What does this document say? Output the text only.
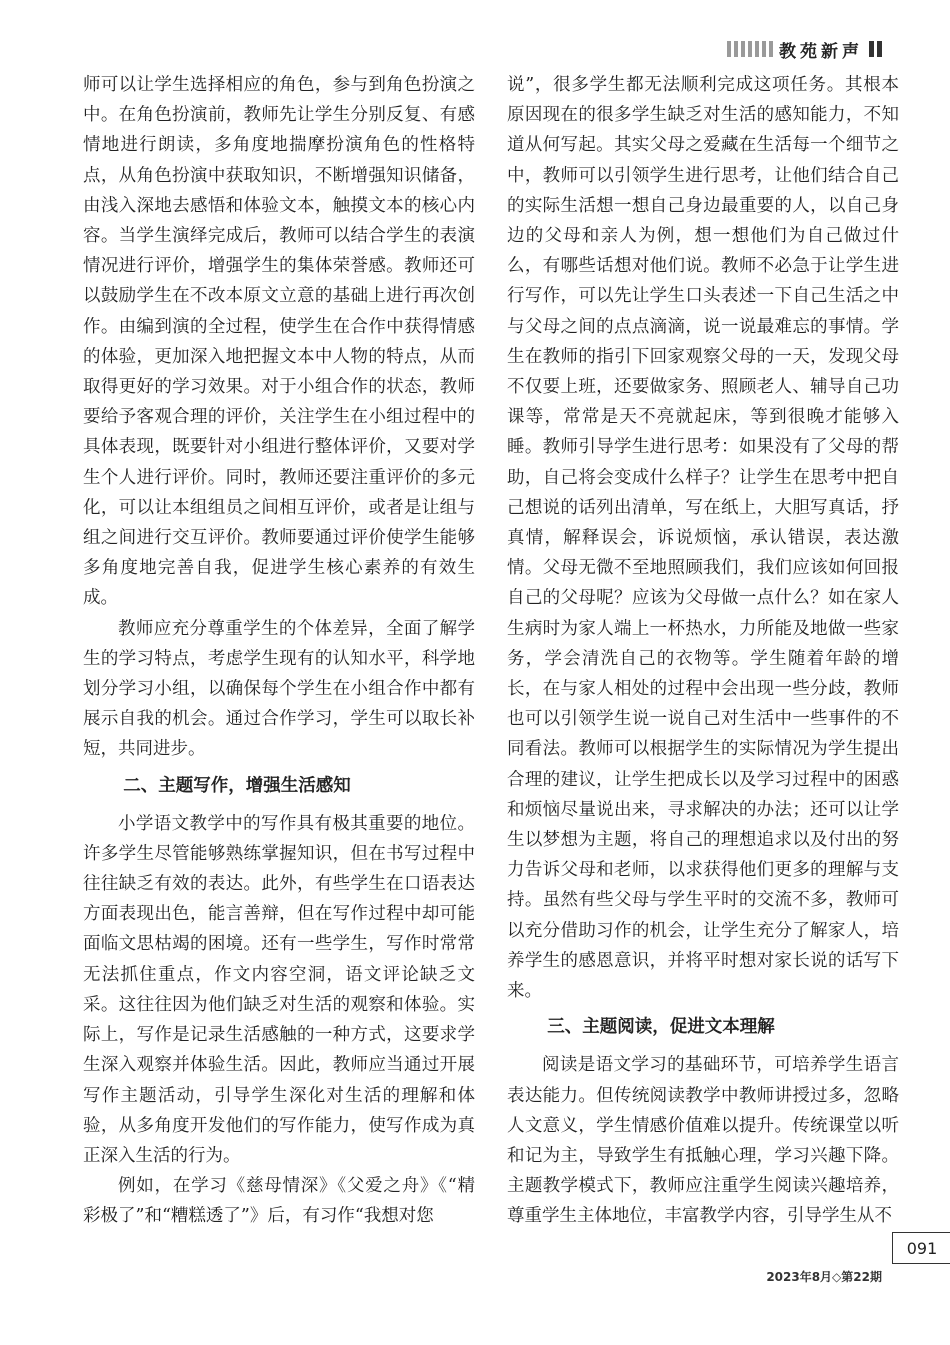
教苑新声

师可以让学生选择相应的角色，参与到角色扮演之中。在角色扮演前，教师先让学生分别反复、有感情地进行朗读，多角度地揣摩扮演角色的性格特点，从角色扮演中获取知识，不断增强知识储备，由浅入深地去感悟和体验文本，触摸文本的核心内容。当学生演绎完成后，教师可以结合学生的表演情况进行评价，增强学生的集体荣誉感。教师还可以鼓励学生在不改本原文立意的基础上进行再次创作。由编到演的全过程，使学生在合作中获得情感的体验，更加深入地把握文本中人物的特点，从而取得更好的学习效果。对于小组合作的状态，教师要给予客观合理的评价，关注学生在小组过程中的具体表现，既要针对小组进行整体评价，又要对学生个人进行评价。同时，教师还要注重评价的多元化，可以让本组组员之间相互评价，或者是让组与组之间进行交互评价。教师要通过评价使学生能够多角度地完善自我，促进学生核心素养的有效生成。

教师应充分尊重学生的个体差异，全面了解学生的学习特点，考虑学生现有的认知水平，科学地划分学习小组，以确保每个学生在小组合作中都有展示自我的机会。通过合作学习，学生可以取长补短，共同进步。

二、主题写作，增强生活感知

小学语文教学中的写作具有极其重要的地位。许多学生尽管能够熟练掌握知识，但在书写过程中往往缺乏有效的表达。此外，有些学生在口语表达方面表现出色，能言善辩，但在写作过程中却可能面临文思枯竭的困境。还有一些学生，写作时常常无法抓住重点，作文内容空洞，语文评论缺乏文采。这往往因为他们缺乏对生活的观察和体验。实际上，写作是记录生活感触的一种方式，这要求学生深入观察并体验生活。因此，教师应当通过开展写作主题活动，引导学生深化对生活的理解和体验，从多角度开发他们的写作能力，使写作成为真正深入生活的行为。

例如，在学习《慈母情深》《父爱之舟》《“精彩极了”和“糟糕透了”》后，有习作“我想对您

说”，很多学生都无法顺利完成这项任务。其根本原因现在的很多学生缺乏对生活的感知能力，不知道从何写起。其实父母之爱藏在生活每一个细节之中，教师可以引领学生进行思考，让他们结合自己的实际生活想一想自己身边最重要的人，以自己身边的父母和亲人为例，想一想他们为自己做过什么，有哪些话想对他们说。教师不必急于让学生进行写作，可以先让学生口头表述一下自己生活之中与父母之间的点点滴滴，说一说最难忘的事情。学生在教师的指引下回家观察父母的一天，发现父母不仅要上班，还要做家务、照顾老人、辅导自己功课等，常常是天不亮就起床，等到很晚才能够入睡。教师引导学生进行思考：如果没有了父母的帮助，自己将会变成什么样子？让学生在思考中把自己想说的话列出清单，写在纸上，大胆写真话，抒真情，解释误会，诉说烦恼，承认错误，表达激情。父母无微不至地照顾我们，我们应该如何回报自己的父母呢？应该为父母做一点什么？如在家人生病时为家人端上一杯热水，力所能及地做一些家务，学会清洗自己的衣物等。学生随着年龄的增长，在与家人相处的过程中会出现一些分歧，教师也可以引领学生说一说自己对生活中一些事件的不同看法。教师可以根据学生的实际情况为学生提出合理的建议，让学生把成长以及学习过程中的困惑和烦恼尽量说出来，寻求解决的办法；还可以让学生以梦想为主题，将自己的理想追求以及付出的努力告诉父母和老师，以求获得他们更多的理解与支持。虽然有些父母与学生平时的交流不多，教师可以充分借助习作的机会，让学生充分了解家人，培养学生的感恩意识，并将平时想对家长说的话写下来。

三、主题阅读，促进文本理解

阅读是语文学习的基础环节，可培养学生语言表达能力。但传统阅读教学中教师讲授过多，忽略人文意义，学生情感价值难以提升。传统课堂以听和记为主，导致学生有抵触心理，学习兴趣下降。主题教学模式下，教师应注重学生阅读兴趣培养，尊重学生主体地位，丰富教学内容，引导学生从不

091
2023年8月◇第22期
